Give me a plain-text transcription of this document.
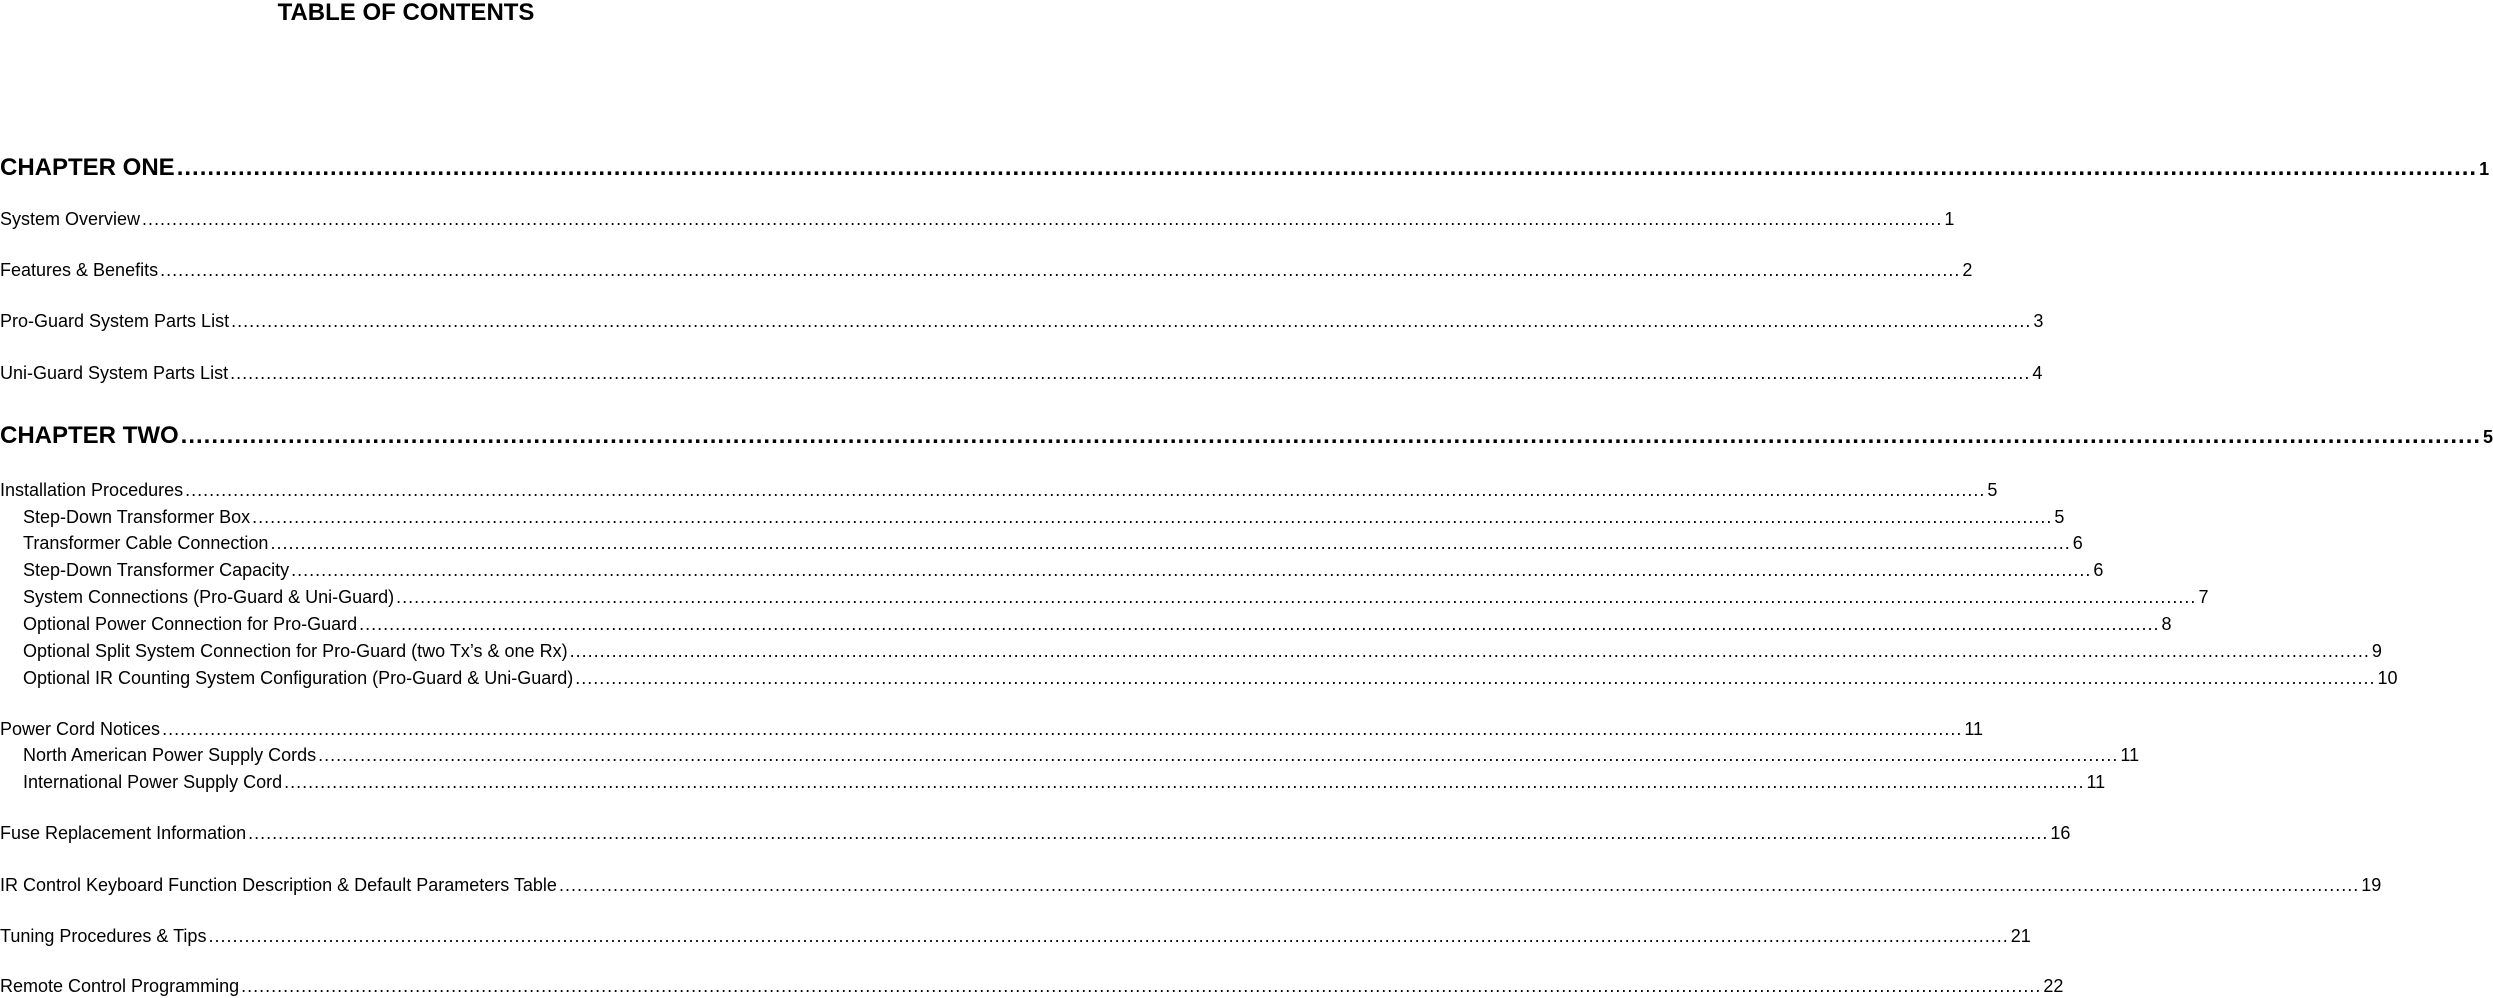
TABLE OF CONTENTS
CHAPTER ONE ............................................................................................................................................................................................................................................................................................................ 1
System Overview ............................................................................................................................................................................................................................................................................................................ 1
Features & Benefits ............................................................................................................................................................................................................................................................................................................ 2
Pro-Guard System Parts List ............................................................................................................................................................................................................................................................................................................ 3
Uni-Guard System Parts List ............................................................................................................................................................................................................................................................................................................ 4
CHAPTER TWO ............................................................................................................................................................................................................................................................................................................ 5
Installation Procedures ............................................................................................................................................................................................................................................................................................................ 5
Step-Down Transformer Box ............................................................................................................................................................................................................................................................................................................ 5
Transformer Cable Connection ............................................................................................................................................................................................................................................................................................................ 6
Step-Down Transformer Capacity ............................................................................................................................................................................................................................................................................................................ 6
System Connections (Pro-Guard & Uni-Guard) ............................................................................................................................................................................................................................................................................................................ 7
Optional Power Connection for Pro-Guard ............................................................................................................................................................................................................................................................................................................ 8
Optional Split System Connection for Pro-Guard (two Tx’s & one Rx) ............................................................................................................................................................................................................................................................................................................ 9
Optional IR Counting System Configuration (Pro-Guard & Uni-Guard) ............................................................................................................................................................................................................................................................................................................ 10
Power Cord Notices ............................................................................................................................................................................................................................................................................................................ 11
North American Power Supply Cords ............................................................................................................................................................................................................................................................................................................ 11
International Power Supply Cord ............................................................................................................................................................................................................................................................................................................ 11
Fuse Replacement Information ............................................................................................................................................................................................................................................................................................................ 16
IR Control Keyboard Function Description & Default Parameters Table ............................................................................................................................................................................................................................................................................................................ 19
Tuning Procedures & Tips ............................................................................................................................................................................................................................................................................................................ 21
Remote Control Programming ............................................................................................................................................................................................................................................................................................................ 22
